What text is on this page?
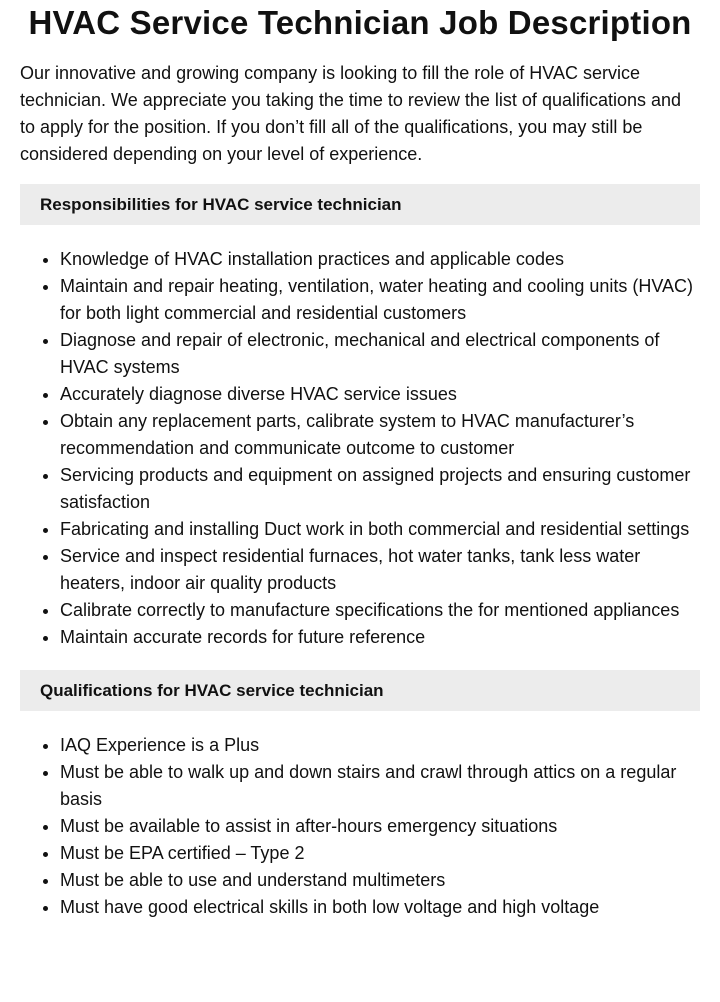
HVAC Service Technician Job Description

Our innovative and growing company is looking to fill the role of HVAC service technician. We appreciate you taking the time to review the list of qualifications and to apply for the position. If you don’t fill all of the qualifications, you may still be considered depending on your level of experience.

Responsibilities for HVAC service technician
• Knowledge of HVAC installation practices and applicable codes
• Maintain and repair heating, ventilation, water heating and cooling units (HVAC) for both light commercial and residential customers
• Diagnose and repair of electronic, mechanical and electrical components of HVAC systems
• Accurately diagnose diverse HVAC service issues
• Obtain any replacement parts, calibrate system to HVAC manufacturer’s recommendation and communicate outcome to customer
• Servicing products and equipment on assigned projects and ensuring customer satisfaction
• Fabricating and installing Duct work in both commercial and residential settings
• Service and inspect residential furnaces, hot water tanks, tank less water heaters, indoor air quality products
• Calibrate correctly to manufacture specifications the for mentioned appliances
• Maintain accurate records for future reference
Qualifications for HVAC service technician
• IAQ Experience is a Plus
• Must be able to walk up and down stairs and crawl through attics on a regular basis
• Must be available to assist in after-hours emergency situations
• Must be EPA certified – Type 2
• Must be able to use and understand multimeters
• Must have good electrical skills in both low voltage and high voltage
